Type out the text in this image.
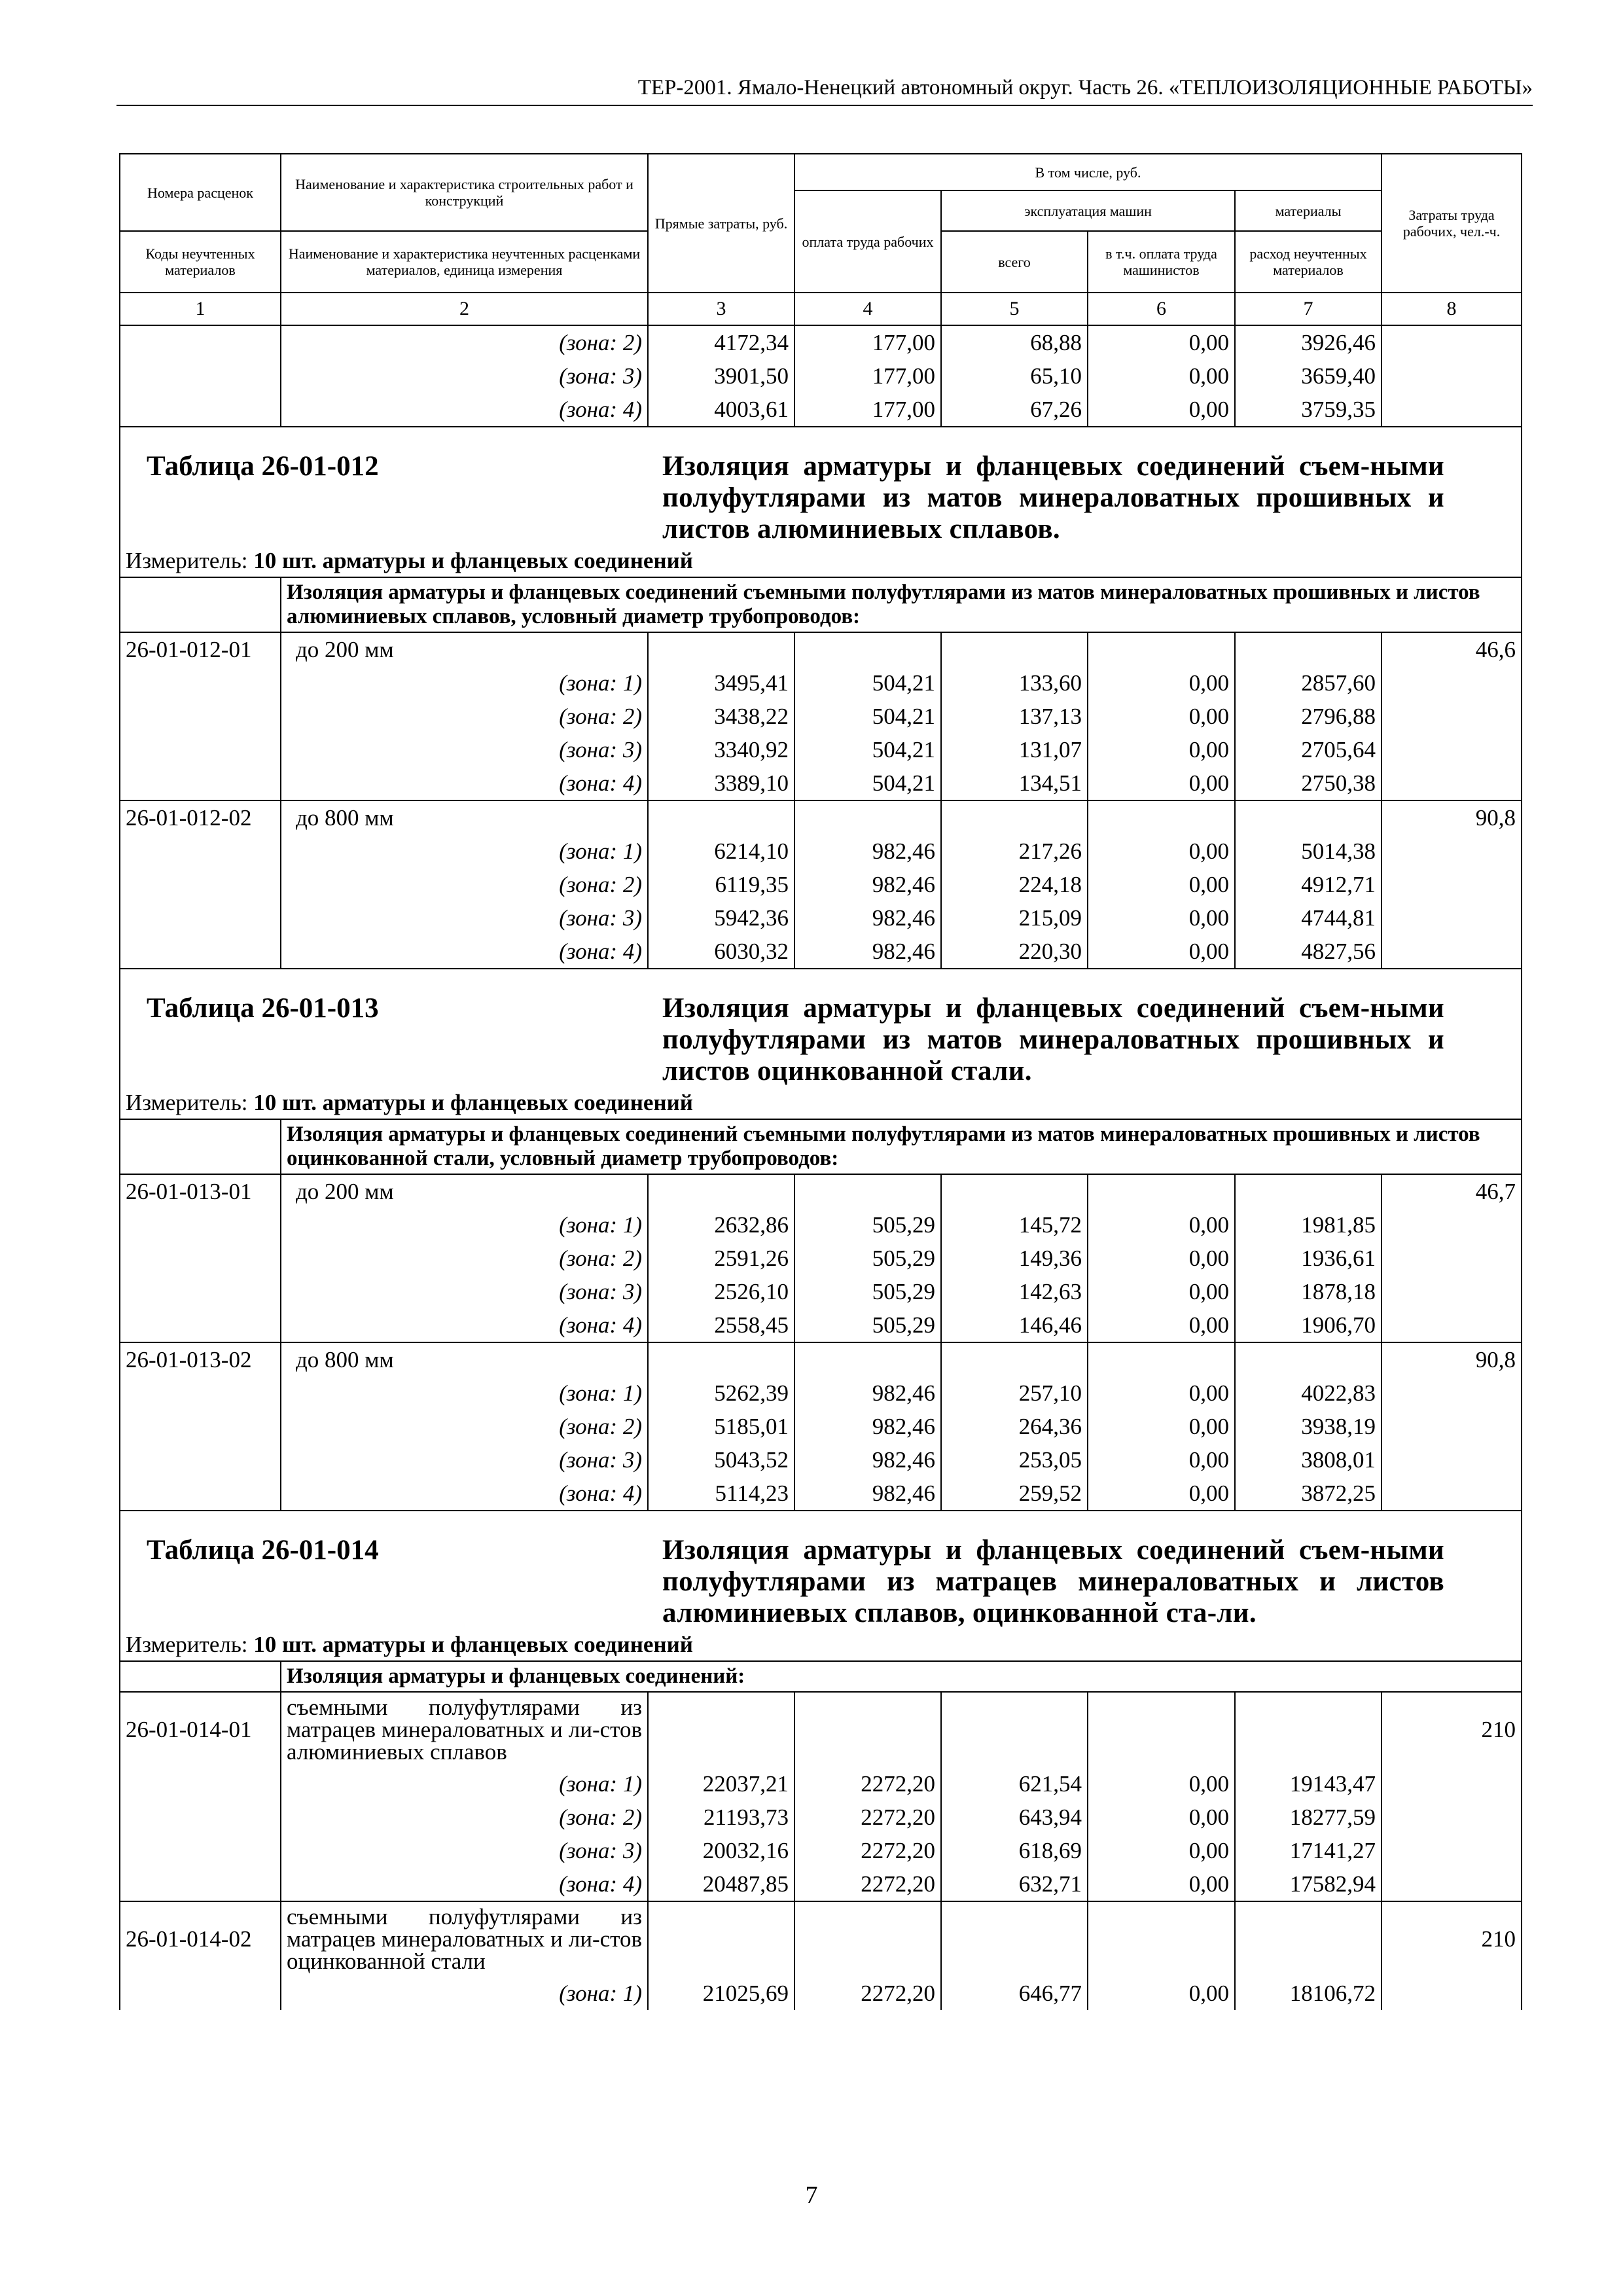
ТЕР-2001. Ямало-Ненецкий автономный округ. Часть 26. «ТЕПЛОИЗОЛЯЦИОННЫЕ РАБОТЫ»
Номера расценок	Наименование и характеристика строительных работ и конструкций	Прямые затраты, руб.	В том числе, руб.				Затраты труда рабочих, чел.-ч.
			оплата труда рабочих	эксплуатация машин		материалы	
Коды неучтенных материалов	Наименование и характеристика неучтенных расценками материалов, единица измерения			всего	в т.ч. оплата труда машинистов	расход неучтенных материалов	

1	2	3	4	5	6	7	8
	(зона: 2)	4172,34	177,00	68,88	0,00	3926,46	
	(зона: 3)	3901,50	177,00	65,10	0,00	3659,40	
	(зона: 4)	4003,61	177,00	67,26	0,00	3759,35	
Таблица 26-01-012 Изоляция арматуры и фланцевых соединений съем-ными полуфутлярами из матов минераловатных прошивных и листов алюминиевых сплавов.							
Измеритель: 10 шт. арматуры и фланцевых соединений							
	Изоляция арматуры и фланцевых соединений съемными полуфутлярами из матов минераловатных прошивных и листов алюминиевых сплавов, условный диаметр трубопроводов:						
26-01-012-01	до 200 мм						46,6
	(зона: 1)	3495,41	504,21	133,60	0,00	2857,60	
	(зона: 2)	3438,22	504,21	137,13	0,00	2796,88	
	(зона: 3)	3340,92	504,21	131,07	0,00	2705,64	
	(зона: 4)	3389,10	504,21	134,51	0,00	2750,38	
26-01-012-02	до 800 мм						90,8
	(зона: 1)	6214,10	982,46	217,26	0,00	5014,38	
	(зона: 2)	6119,35	982,46	224,18	0,00	4912,71	
	(зона: 3)	5942,36	982,46	215,09	0,00	4744,81	
	(зона: 4)	6030,32	982,46	220,30	0,00	4827,56	
Таблица 26-01-013 Изоляция арматуры и фланцевых соединений съем-ными полуфутлярами из матов минераловатных прошивных и листов оцинкованной стали.							
Измеритель: 10 шт. арматуры и фланцевых соединений							
	Изоляция арматуры и фланцевых соединений съемными полуфутлярами из матов минераловатных прошивных и листов оцинкованной стали, условный диаметр трубопроводов:						
26-01-013-01	до 200 мм						46,7
	(зона: 1)	2632,86	505,29	145,72	0,00	1981,85	
	(зона: 2)	2591,26	505,29	149,36	0,00	1936,61	
	(зона: 3)	2526,10	505,29	142,63	0,00	1878,18	
	(зона: 4)	2558,45	505,29	146,46	0,00	1906,70	
26-01-013-02	до 800 мм						90,8
	(зона: 1)	5262,39	982,46	257,10	0,00	4022,83	
	(зона: 2)	5185,01	982,46	264,36	0,00	3938,19	
	(зона: 3)	5043,52	982,46	253,05	0,00	3808,01	
	(зона: 4)	5114,23	982,46	259,52	0,00	3872,25	
Таблица 26-01-014 Изоляция арматуры и фланцевых соединений съем-ными полуфутлярами из матрацев минераловатных и листов алюминиевых сплавов, оцинкованной ста-ли.							
Измеритель: 10 шт. арматуры и фланцевых соединений							
	Изоляция арматуры и фланцевых соединений:						
26-01-014-01	съемными полуфутлярами из матрацев минераловатных и ли-стов алюминиевых сплавов						210
	(зона: 1)	22037,21	2272,20	621,54	0,00	19143,47	
	(зона: 2)	21193,73	2272,20	643,94	0,00	18277,59	
	(зона: 3)	20032,16	2272,20	618,69	0,00	17141,27	
	(зона: 4)	20487,85	2272,20	632,71	0,00	17582,94	
26-01-014-02	съемными полуфутлярами из матрацев минераловатных и ли-стов оцинкованной стали						210
	(зона: 1)	21025,69	2272,20	646,77	0,00	18106,72	
7
